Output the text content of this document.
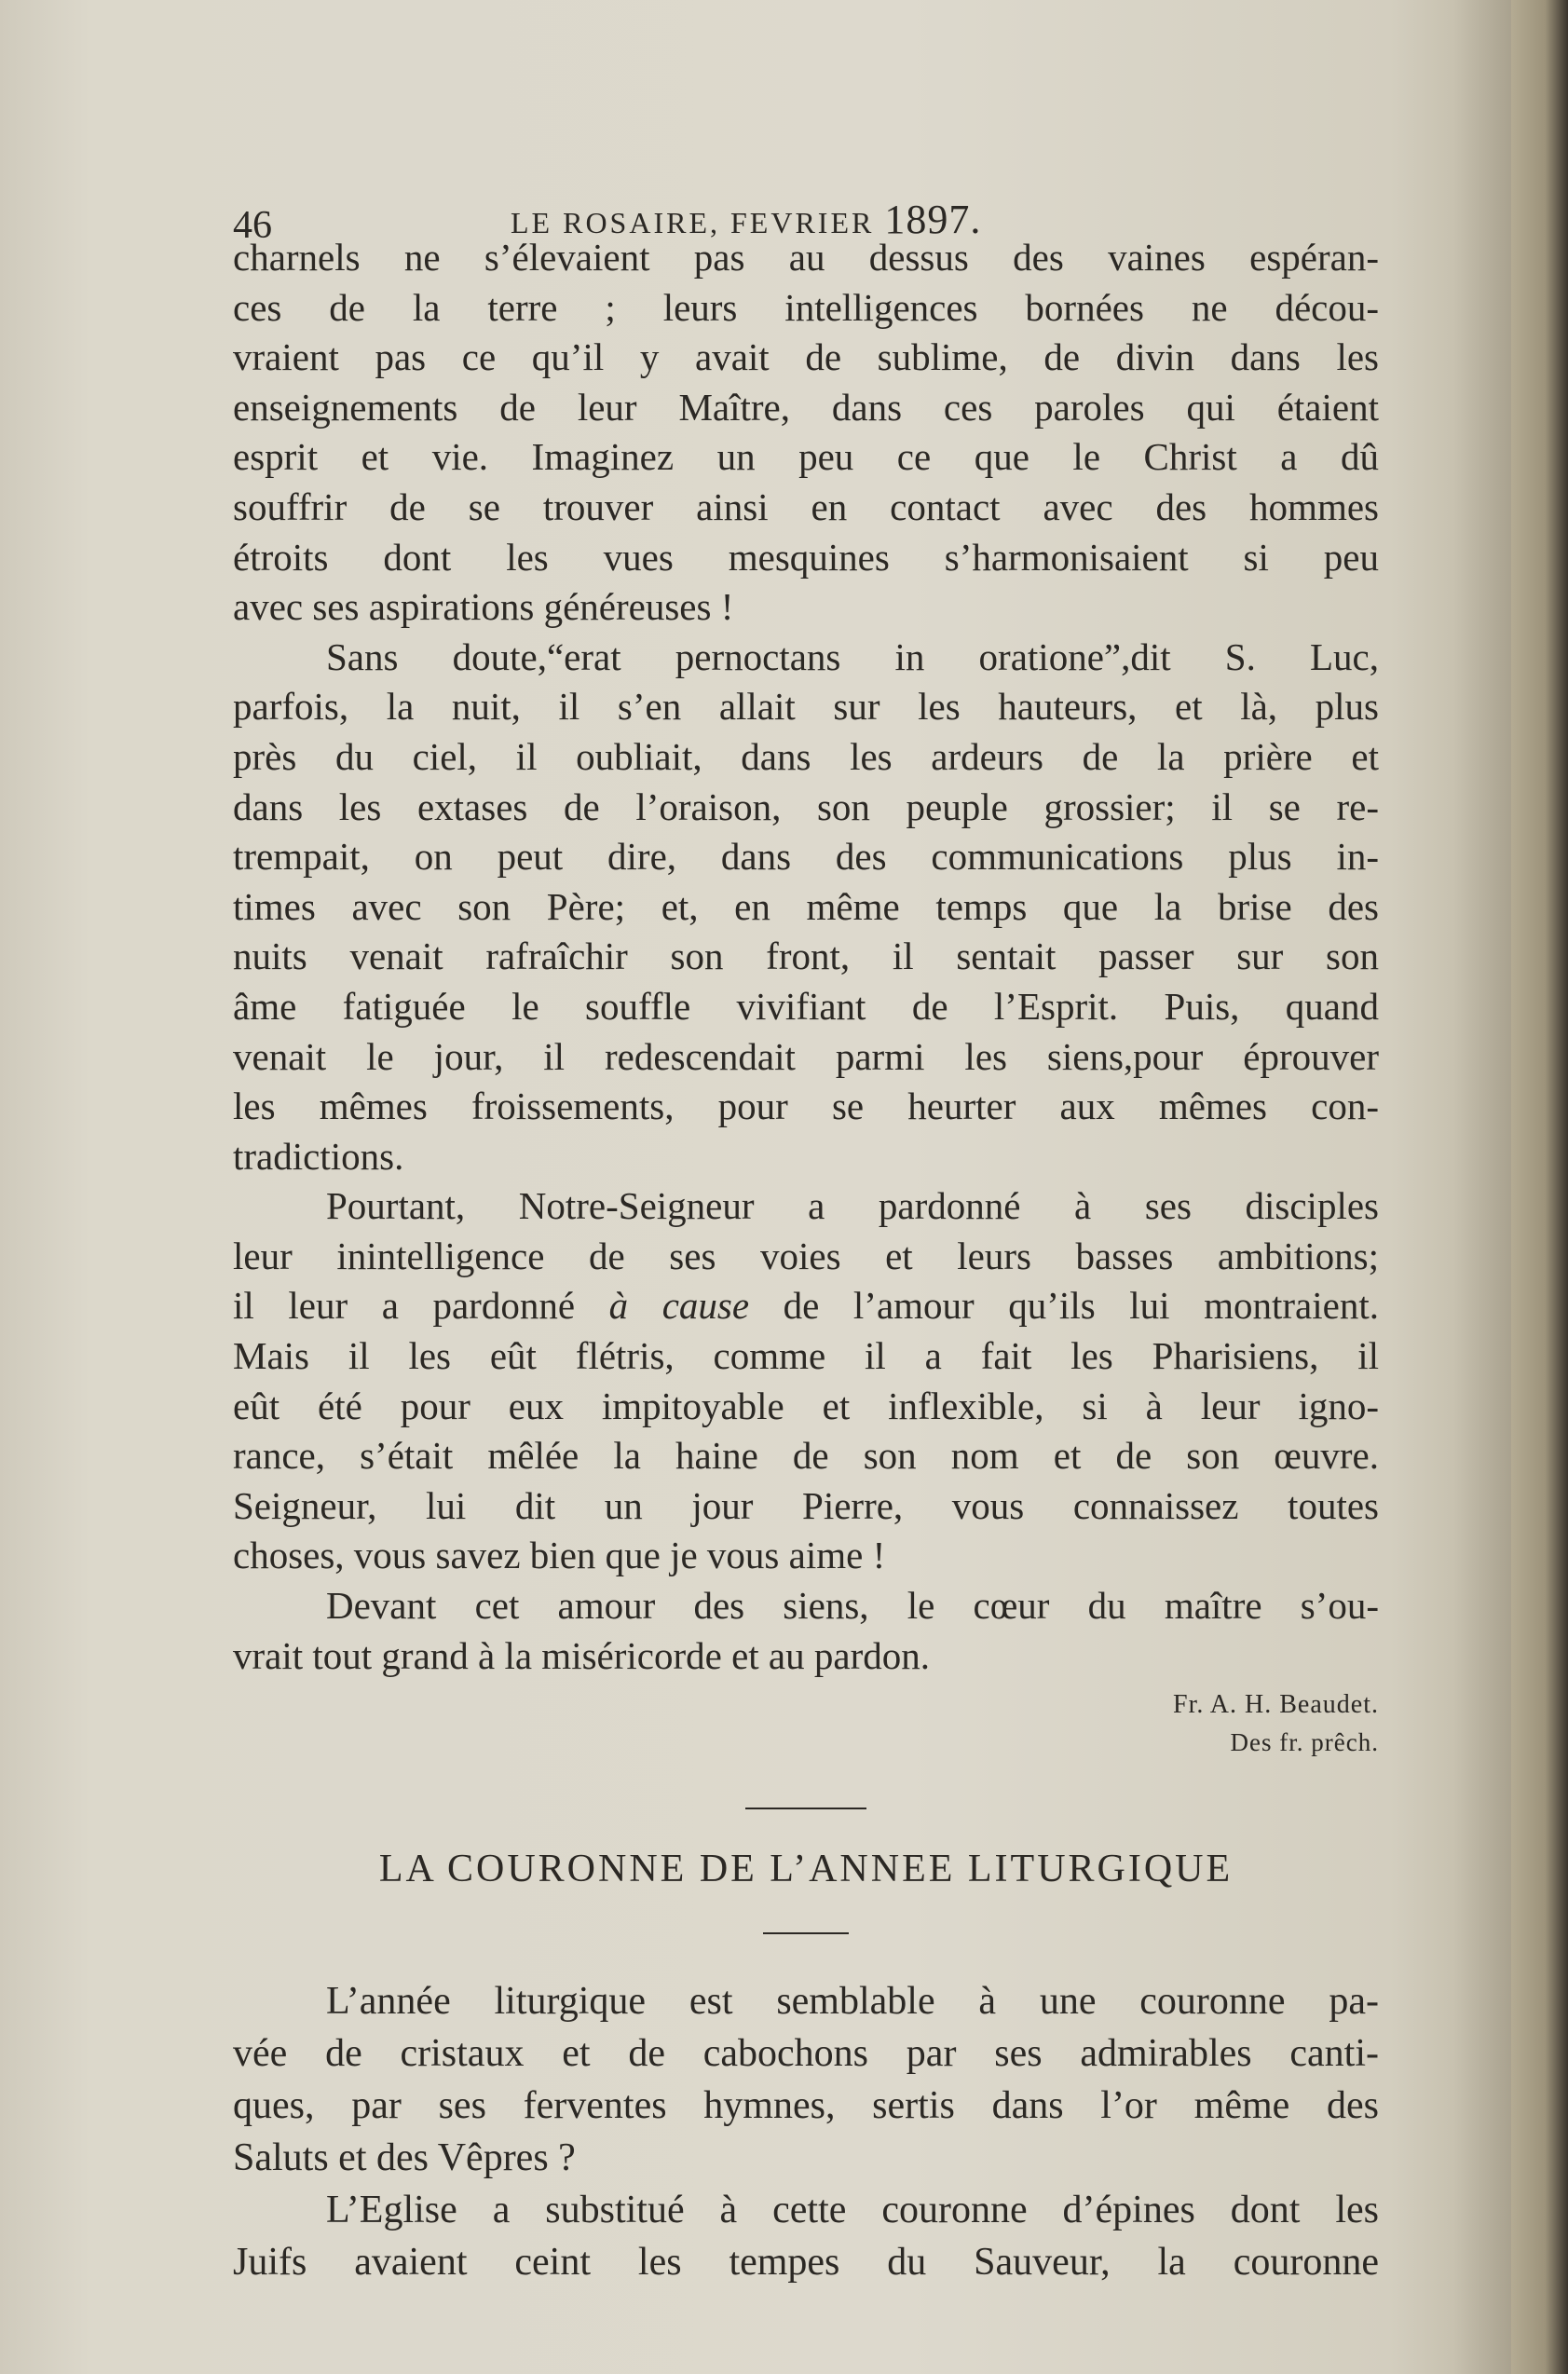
46	LE ROSAIRE, FEVRIER 1897.
charnels ne s’élevaient pas au dessus des vaines espéran-
ces de la terre ; leurs intelligences bornées ne décou-
vraient pas ce qu’il y avait de sublime, de divin dans les
enseignements de leur Maître, dans ces paroles qui étaient
esprit et vie. Imaginez un peu ce que le Christ a dû
souffrir de se trouver ainsi en contact avec des hommes
étroits dont les vues mesquines s’harmonisaient si peu
avec ses aspirations généreuses !
Sans doute,“erat pernoctans in oratione”,dit S. Luc,
parfois, la nuit, il s’en allait sur les hauteurs, et là, plus
près du ciel, il oubliait, dans les ardeurs de la prière et
dans les extases de l’oraison, son peuple grossier; il se re-
trempait, on peut dire, dans des communications plus in-
times avec son Père; et, en même temps que la brise des
nuits venait rafraîchir son front, il sentait passer sur son
âme fatiguée le souffle vivifiant de l’Esprit. Puis, quand
venait le jour, il redescendait parmi les siens,pour éprouver
les mêmes froissements, pour se heurter aux mêmes con-
tradictions.
Pourtant, Notre-Seigneur a pardonné à ses disciples
leur inintelligence de ses voies et leurs basses ambitions;
il leur a pardonné à cause de l’amour qu’ils lui montraient.
Mais il les eût flétris, comme il a fait les Pharisiens, il
eût été pour eux impitoyable et inflexible, si à leur igno-
rance, s’était mêlée la haine de son nom et de son œuvre.
Seigneur, lui dit un jour Pierre, vous connaissez toutes
choses, vous savez bien que je vous aime !
Devant cet amour des siens, le cœur du maître s’ou-
vrait tout grand à la miséricorde et au pardon.
Fr. A. H. Beaudet.
Des fr. prêch.
LA COURONNE DE L’ANNEE LITURGIQUE
L’année liturgique est semblable à une couronne pa-
vée de cristaux et de cabochons par ses admirables canti-
ques, par ses ferventes hymnes, sertis dans l’or même des
Saluts et des Vêpres ?
L’Eglise a substitué à cette couronne d’épines dont les
Juifs avaient ceint les tempes du Sauveur, la couronne
